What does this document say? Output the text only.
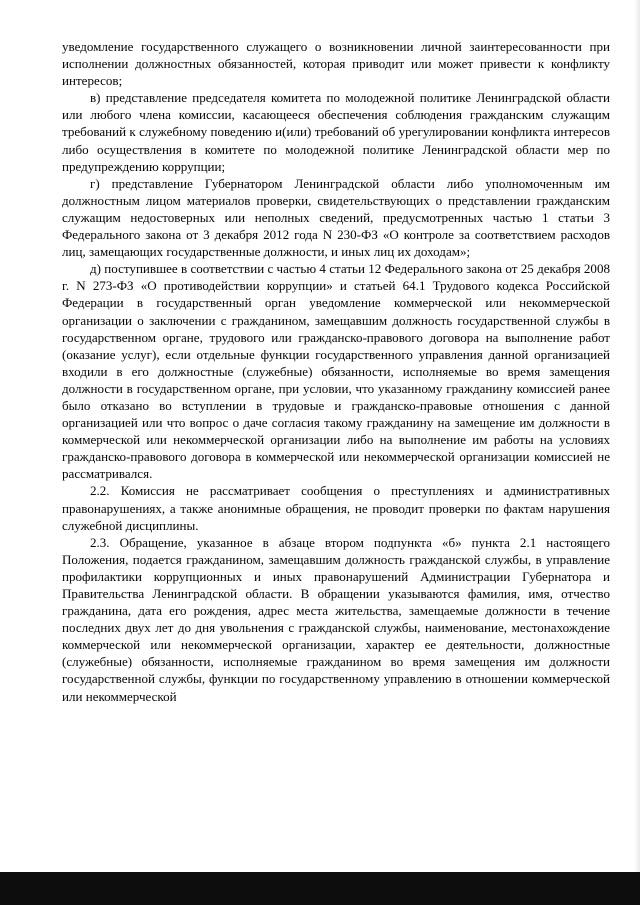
уведомление государственного служащего о возникновении личной заинтересованности при исполнении должностных обязанностей, которая приводит или может привести к конфликту интересов;

в) представление председателя комитета по молодежной политике Ленинградской области или любого члена комиссии, касающееся обеспечения соблюдения гражданским служащим требований к служебному поведению и(или) требований об урегулировании конфликта интересов либо осуществления в комитете по молодежной политике Ленинградской области мер по предупреждению коррупции;

г) представление Губернатором Ленинградской области либо уполномоченным им должностным лицом материалов проверки, свидетельствующих о представлении гражданским служащим недостоверных или неполных сведений, предусмотренных частью 1 статьи 3 Федерального закона от 3 декабря 2012 года N 230-ФЗ «О контроле за соответствием расходов лиц, замещающих государственные должности, и иных лиц их доходам»;

д) поступившее в соответствии с частью 4 статьи 12 Федерального закона от 25 декабря 2008 г. N 273-ФЗ «О противодействии коррупции» и статьей 64.1 Трудового кодекса Российской Федерации в государственный орган уведомление коммерческой или некоммерческой организации о заключении с гражданином, замещавшим должность государственной службы в государственном органе, трудового или гражданско-правового договора на выполнение работ (оказание услуг), если отдельные функции государственного управления данной организацией входили в его должностные (служебные) обязанности, исполняемые во время замещения должности в государственном органе, при условии, что указанному гражданину комиссией ранее было отказано во вступлении в трудовые и гражданско-правовые отношения с данной организацией или что вопрос о даче согласия такому гражданину на замещение им должности в коммерческой или некоммерческой организации либо на выполнение им работы на условиях гражданско-правового договора в коммерческой или некоммерческой организации комиссией не рассматривался.

2.2. Комиссия не рассматривает сообщения о преступлениях и административных правонарушениях, а также анонимные обращения, не проводит проверки по фактам нарушения служебной дисциплины.

2.3. Обращение, указанное в абзаце втором подпункта «б» пункта 2.1 настоящего Положения, подается гражданином, замещавшим должность гражданской службы, в управление профилактики коррупционных и иных правонарушений Администрации Губернатора и Правительства Ленинградской области. В обращении указываются фамилия, имя, отчество гражданина, дата его рождения, адрес места жительства, замещаемые должности в течение последних двух лет до дня увольнения с гражданской службы, наименование, местонахождение коммерческой или некоммерческой организации, характер ее деятельности, должностные (служебные) обязанности, исполняемые гражданином во время замещения им должности государственной службы, функции по государственному управлению в отношении коммерческой или некоммерческой
